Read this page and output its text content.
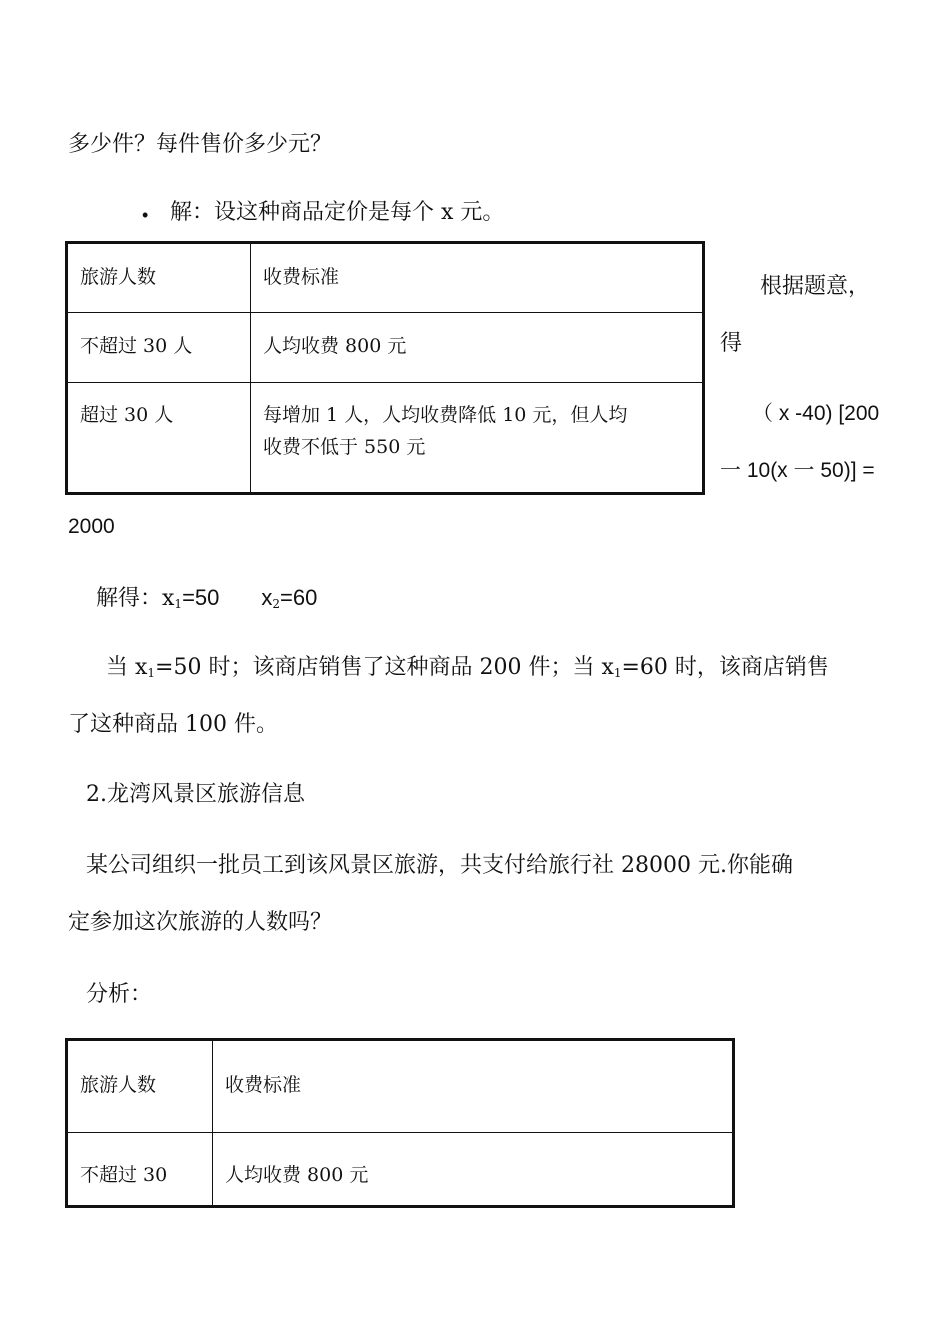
多少件？每件售价多少元？
• 解：设这种商品定价是每个 x 元。
旅游人数	收费标准
不超过 30 人	人均收费 800 元
超过 30 人	每增加 1 人，人均收费降低 10 元，但人均
收费不低于 550 元
根据题意，
得
（ x -40) [200
一 10(x 一 50)] =
2000
解得：$x_1=50$ $x_2=60$
当 $x_1=50$ 时；该商店销售了这种商品 200 件；当 $x_1=60$ 时，该商店销售
了这种商品 100 件。
2.龙湾风景区旅游信息
某公司组织一批员工到该风景区旅游，共支付给旅行社 28000 元.你能确
定参加这次旅游的人数吗？
分析：
旅游人数	收费标准
不超过 30	人均收费 800 元
